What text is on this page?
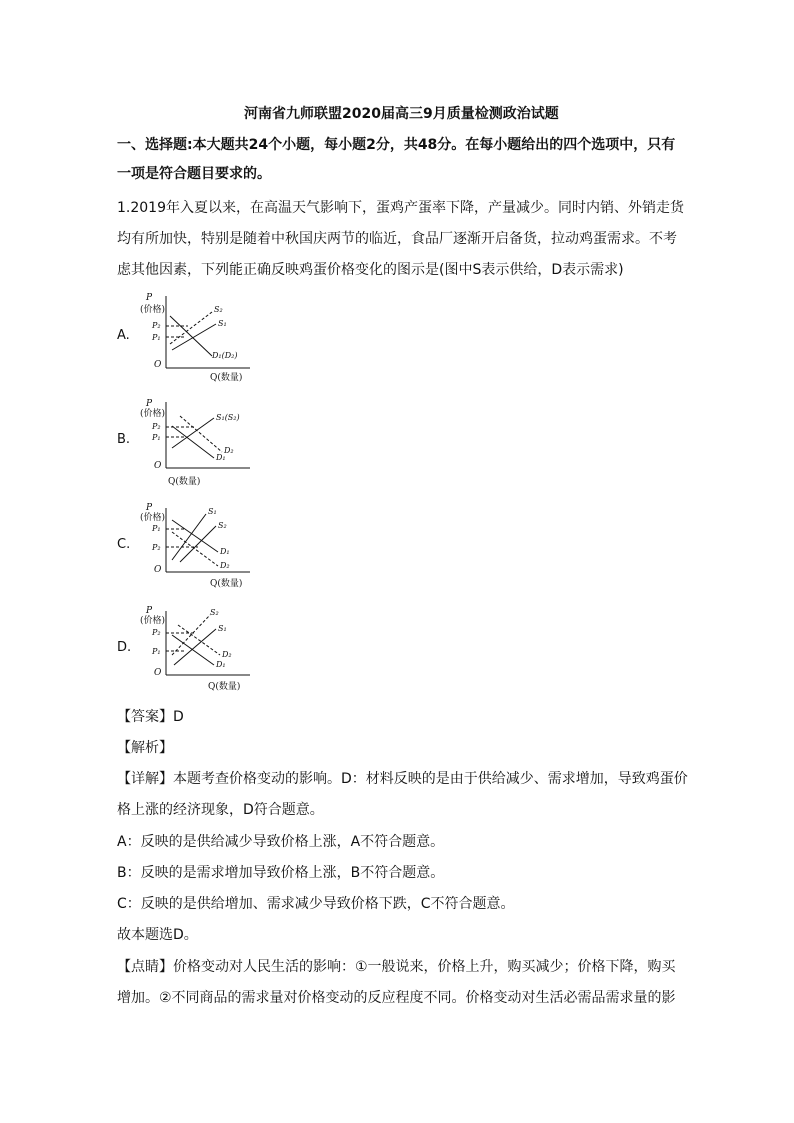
河南省九师联盟2020届高三9月质量检测政治试题
一、选择题:本大题共24个小题，每小题2分，共48分。在每小题给出的四个选项中，只有
一项是符合题目要求的。
1.2019年入夏以来，在高温天气影响下，蛋鸡产蛋率下降，产量减少。同时内销、外销走货
均有所加快，特别是随着中秋国庆两节的临近，食品厂逐渐开启备货，拉动鸡蛋需求。不考
虑其他因素，下列能正确反映鸡蛋价格变化的图示是(图中S表示供给，D表示需求)
A.
P
(价格)
O
Q(数量)
P₂
P₁
S₂
S₁
D₁(D₂)
B.
P
(价格)
O
Q(数量)
P₂
P₁
S₁(S₂)
D₂
D₁
C.
P
(价格)
O
Q(数量)
P₁
P₂
S₁
S₂
D₁
D₂
D.
P
(价格)
O
Q(数量)
P₂
P₁
S₂
S₁
D₂
D₁
【答案】D
【解析】
【详解】本题考查价格变动的影响。D：材料反映的是由于供给减少、需求增加，导致鸡蛋价
格上涨的经济现象，D符合题意。
A：反映的是供给减少导致价格上涨，A不符合题意。
B：反映的是需求增加导致价格上涨，B不符合题意。
C：反映的是供给增加、需求减少导致价格下跌，C不符合题意。
故本题选D。
【点睛】价格变动对人民生活的影响：①一般说来，价格上升，购买减少；价格下降，购买
增加。②不同商品的需求量对价格变动的反应程度不同。价格变动对生活必需品需求量的影
